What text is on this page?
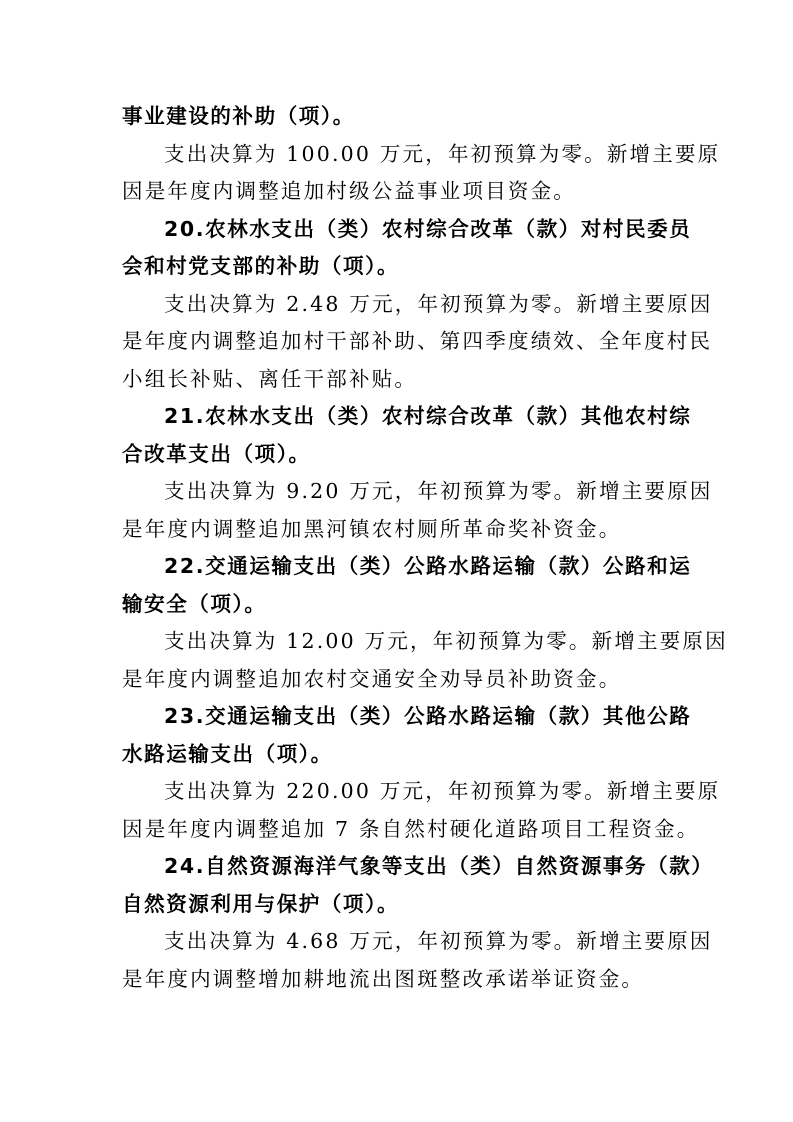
事业建设的补助（项）。
支出决算为 100.00 万元，年初预算为零。新增主要原
因是年度内调整追加村级公益事业项目资金。
20.农林水支出（类）农村综合改革（款）对村民委员
会和村党支部的补助（项）。
支出决算为 2.48 万元，年初预算为零。新增主要原因
是年度内调整追加村干部补助、第四季度绩效、全年度村民
小组长补贴、离任干部补贴。
21.农林水支出（类）农村综合改革（款）其他农村综
合改革支出（项）。
支出决算为 9.20 万元，年初预算为零。新增主要原因
是年度内调整追加黑河镇农村厕所革命奖补资金。
22.交通运输支出（类）公路水路运输（款）公路和运
输安全（项）。
支出决算为 12.00 万元，年初预算为零。新增主要原因
是年度内调整追加农村交通安全劝导员补助资金。
23.交通运输支出（类）公路水路运输（款）其他公路
水路运输支出（项）。
支出决算为 220.00 万元，年初预算为零。新增主要原
因是年度内调整追加 7 条自然村硬化道路项目工程资金。
24.自然资源海洋气象等支出（类）自然资源事务（款）
自然资源利用与保护（项）。
支出决算为 4.68 万元，年初预算为零。新增主要原因
是年度内调整增加耕地流出图斑整改承诺举证资金。
